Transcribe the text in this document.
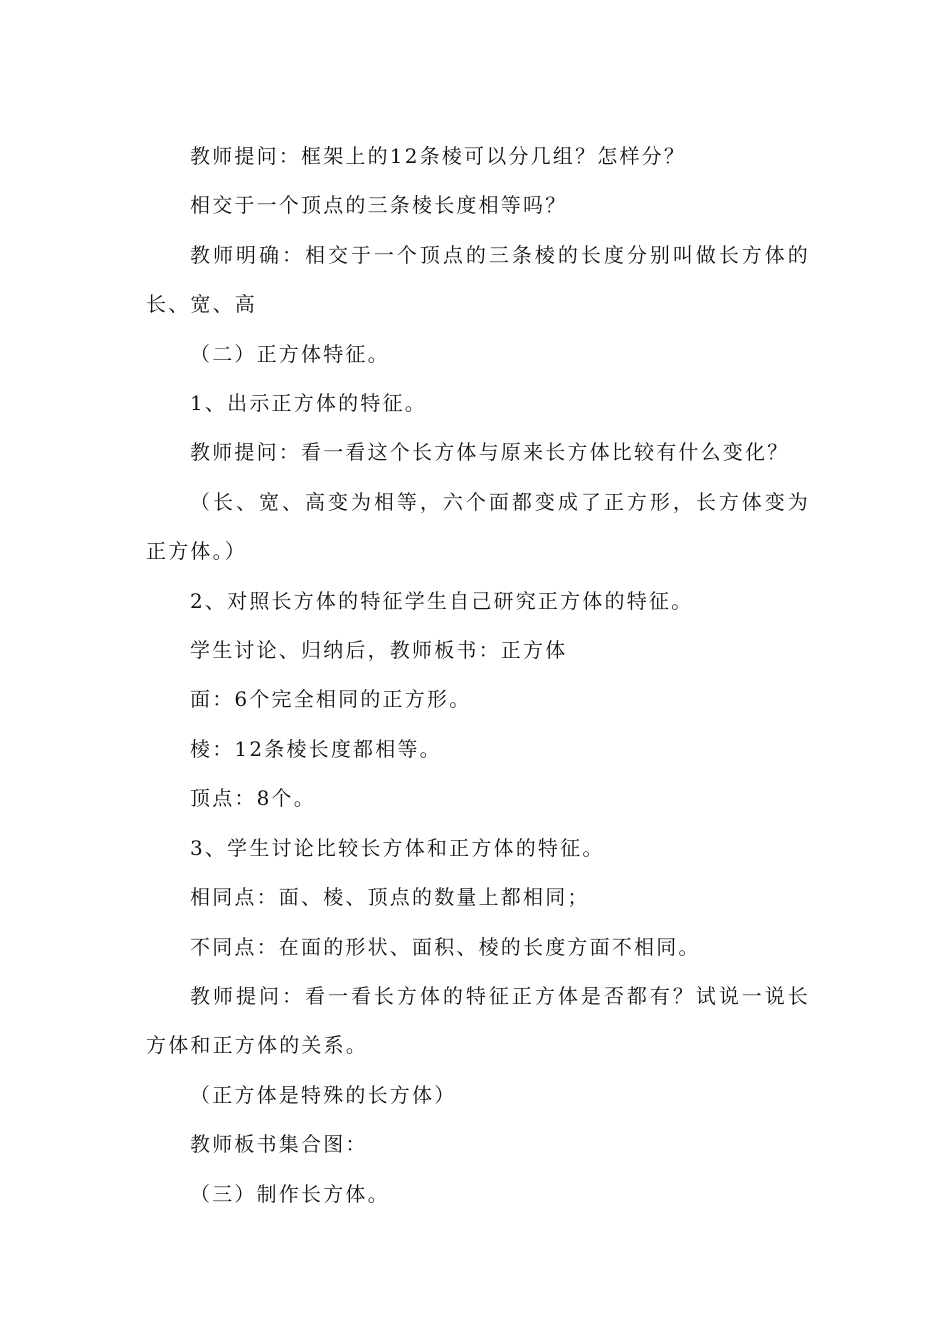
教师提问：框架上的12条棱可以分几组？怎样分？

相交于一个顶点的三条棱长度相等吗？

教师明确：相交于一个顶点的三条棱的长度分别叫做长方体的长、宽、高

（二）正方体特征。

1、出示正方体的特征。

教师提问：看一看这个长方体与原来长方体比较有什么变化？

（长、宽、高变为相等，六个面都变成了正方形，长方体变为正方体。）

2、对照长方体的特征学生自己研究正方体的特征。

学生讨论、归纳后，教师板书：正方体

面：6个完全相同的正方形。

棱：12条棱长度都相等。

顶点：8个。

3、学生讨论比较长方体和正方体的特征。

相同点：面、棱、顶点的数量上都相同；

不同点：在面的形状、面积、棱的长度方面不相同。

教师提问：看一看长方体的特征正方体是否都有？试说一说长方体和正方体的关系。

（正方体是特殊的长方体）

教师板书集合图：

（三）制作长方体。
